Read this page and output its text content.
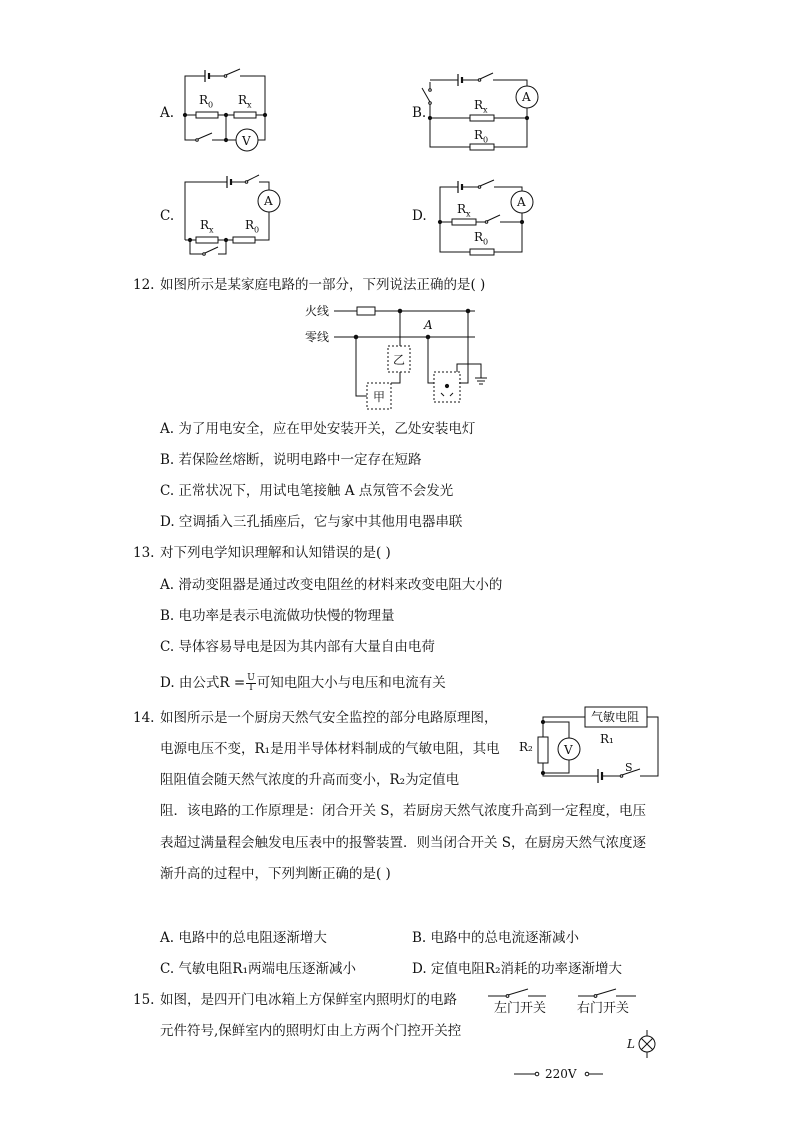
A.
$R_0$ $R_x$
V
B.	$R_x$
$R_0$
A
C.
$R_x$	$R_0$
A
D.	$R_x$
$R_0$
A
12. 如图所示是某家庭电路的一部分，下列说法正确的是( )
火线
零线
A
乙
甲
A. 为了用电安全，应在甲处安装开关，乙处安装电灯
B. 若保险丝熔断，说明电路中一定存在短路
C. 正常状况下，用试电笔接触 A 点氖管不会发光
D. 空调插入三孔插座后，它与家中其他用电器串联
13. 对下列电学知识理解和认知错误的是( )
A. 滑动变阻器是通过改变电阻丝的材料来改变电阻大小的
B. 电功率是表示电流做功快慢的物理量
C. 导体容易导电是因为其内部有大量自由电荷
D. 由公式$R = \frac{U}{I}$ 可知电阻大小与电压和电流有关
14. 如图所示是一个厨房天然气安全监控的部分电路原理图，
电源电压不变，R₁是用半导体材料制成的气敏电阻，其电
阻阻值会随天然气浓度的升高而变小，R₂为定值电
阻．该电路的工作原理是：闭合开关 S，若厨房天然气浓度升高到一定程度，电压
表超过满量程会触发电压表中的报警装置．则当闭合开关 S，在厨房天然气浓度逐
渐升高的过程中，下列判断正确的是( )
气敏电阻
R₁
R₂	V
S
A. 电路中的总电阻逐渐增大	B. 电路中的总电流逐渐减小
C. 气敏电阻R₁两端电压逐渐减小	D. 定值电阻R₂消耗的功率逐渐增大
15. 如图，是四开门电冰箱上方保鲜室内照明灯的电路
元件符号,保鲜室内的照明灯由上方两个门控开关控
左门开关 右门开关
L
220V
